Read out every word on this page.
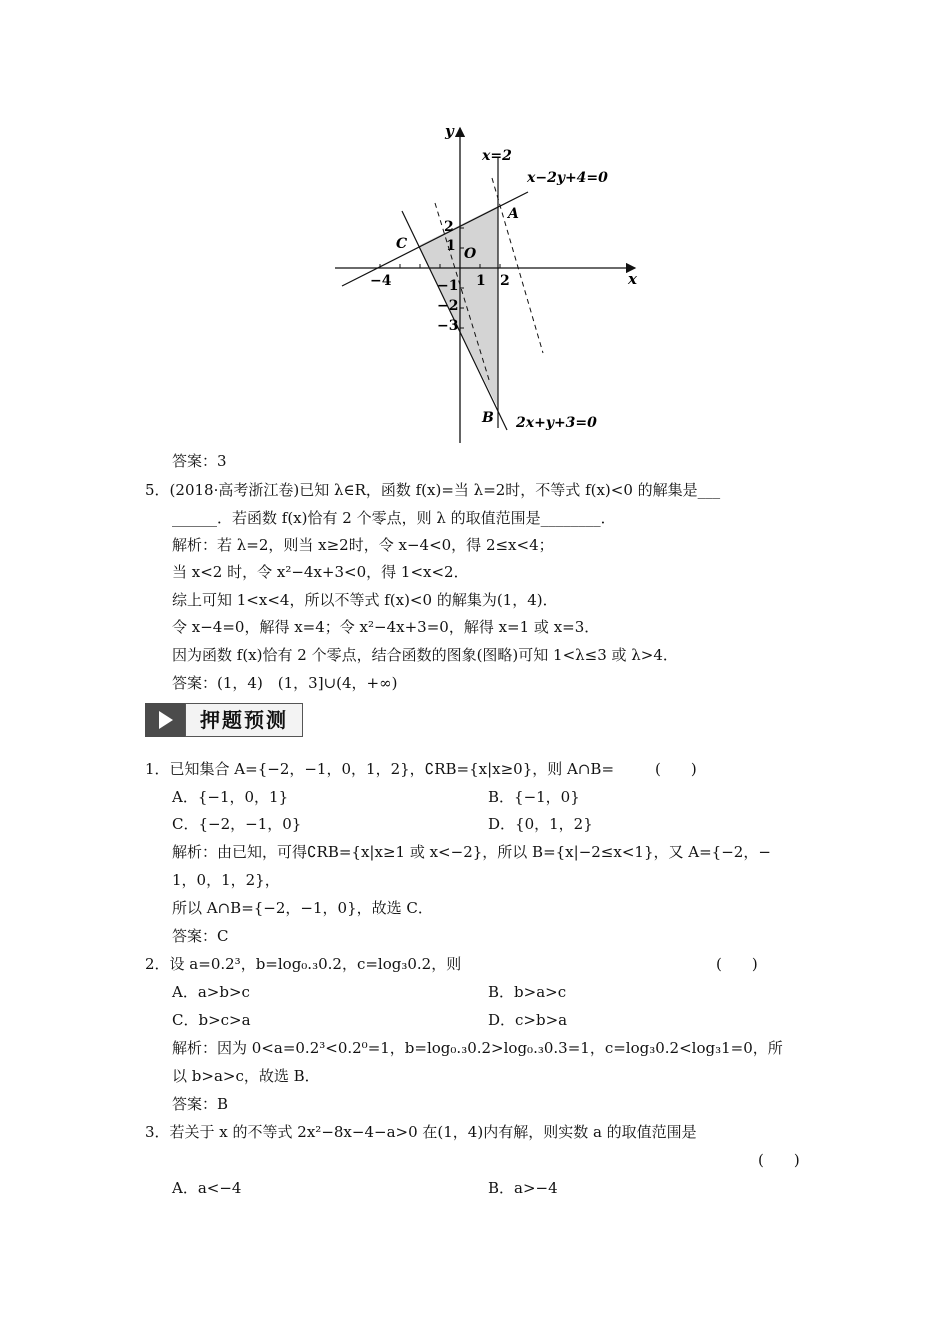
y
x
O
x=2
x−2y+4=0
2x+y+3=0
A
B
C
−4	1 2
2
1
−1
−2
−3
答案：3
5．(2018·高考浙江卷)已知 λ∈R，函数 f(x)=当 λ=2时，不等式 f(x)<0 的解集是___
______．若函数 f(x)恰有 2 个零点，则 λ 的取值范围是________．
解析：若 λ=2，则当 x≥2时，令 x−4<0，得 2≤x<4；
当 x<2 时，令 x²−4x+3<0，得 1<x<2．
综上可知 1<x<4，所以不等式 f(x)<0 的解集为(1，4)．
令 x−4=0，解得 x=4；令 x²−4x+3=0，解得 x=1 或 x=3．
因为函数 f(x)恰有 2 个零点，结合函数的图象(图略)可知 1<λ≤3 或 λ>4．
答案：(1，4)　(1，3]∪(4，+∞)
押题预测
1．已知集合 A={−2，−1，0，1，2}，∁RB={x|x≥0}，则 A∩B=	(　　)
A．{−1，0，1}	B．{−1，0}
C．{−2，−1，0}	D．{0，1，2}
解析：由已知，可得∁RB={x|x≥1 或 x<−2}，所以 B={x|−2≤x<1}，又 A={−2，−
1，0，1，2}，
所以 A∩B={−2，−1，0}，故选 C．
答案：C
2．设 a=0.2³，b=log₀.₃0.2，c=log₃0.2，则	(　　)
A．a>b>c	B．b>a>c
C．b>c>a	D．c>b>a
解析：因为 0<a=0.2³<0.2⁰=1，b=log₀.₃0.2>log₀.₃0.3=1，c=log₃0.2<log₃1=0，所
以 b>a>c，故选 B．
答案：B
3．若关于 x 的不等式 2x²−8x−4−a>0 在(1，4)内有解，则实数 a 的取值范围是
(　　)
A．a<−4	B．a>−4
